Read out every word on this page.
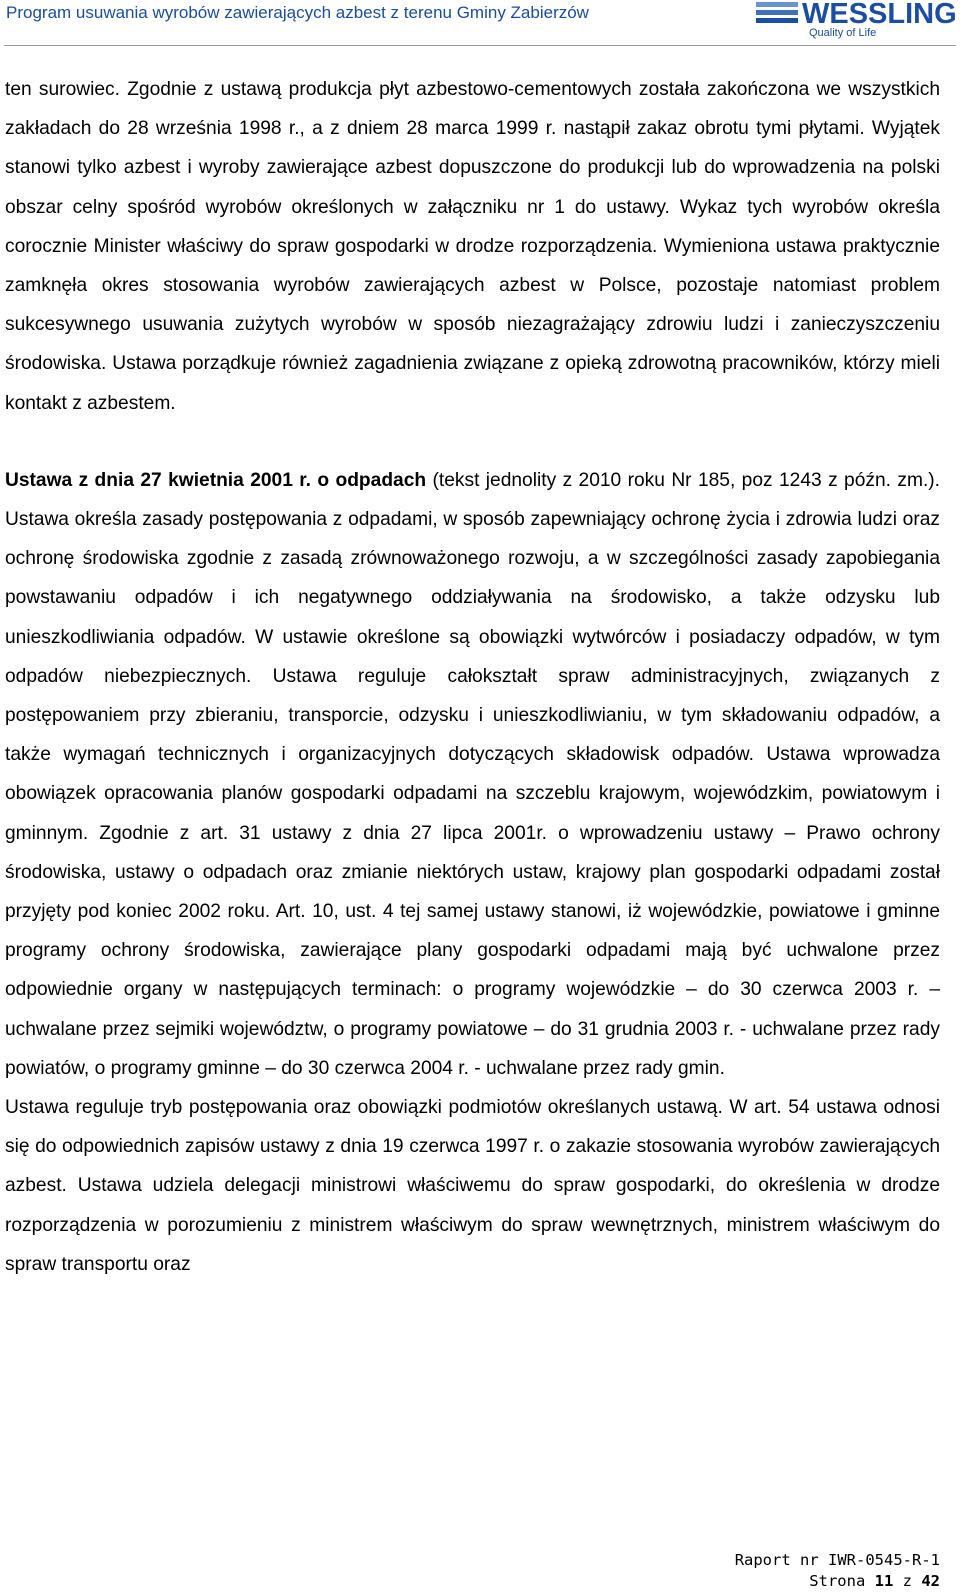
Program usuwania wyrobów zawierających azbest z terenu Gminy Zabierzów	WESSLING
Quality of Life

ten surowiec. Zgodnie z ustawą produkcja płyt azbestowo-cementowych została zakończona we wszystkich zakładach do 28 września 1998 r., a z dniem 28 marca 1999 r. nastąpił zakaz obrotu tymi płytami. Wyjątek stanowi tylko azbest i wyroby zawierające azbest dopuszczone do produkcji lub do wprowadzenia na polski obszar celny spośród wyrobów określonych w załączniku nr 1 do ustawy. Wykaz tych wyrobów określa corocznie Minister właściwy do spraw gospodarki w drodze rozporządzenia. Wymieniona ustawa praktycznie zamknęła okres stosowania wyrobów zawierających azbest w Polsce, pozostaje natomiast problem sukcesywnego usuwania zużytych wyrobów w sposób niezagrażający zdrowiu ludzi i zanieczyszczeniu środowiska. Ustawa porządkuje również zagadnienia związane z opieką zdrowotną pracowników, którzy mieli kontakt z azbestem.

Ustawa z dnia 27 kwietnia 2001 r. o odpadach (tekst jednolity z 2010 roku Nr 185, poz 1243 z późn. zm.). Ustawa określa zasady postępowania z odpadami, w sposób zapewniający ochronę życia i zdrowia ludzi oraz ochronę środowiska zgodnie z zasadą zrównoważonego rozwoju, a w szczególności zasady zapobiegania powstawaniu odpadów i ich negatywnego oddziaływania na środowisko, a także odzysku lub unieszkodliwiania odpadów. W ustawie określone są obowiązki wytwórców i posiadaczy odpadów, w tym odpadów niebezpiecznych. Ustawa reguluje całokształt spraw administracyjnych, związanych z postępowaniem przy zbieraniu, transporcie, odzysku i unieszkodliwianiu, w tym składowaniu odpadów, a także wymagań technicznych i organizacyjnych dotyczących składowisk odpadów. Ustawa wprowadza obowiązek opracowania planów gospodarki odpadami na szczeblu krajowym, wojewódzkim, powiatowym i gminnym. Zgodnie z art. 31 ustawy z dnia 27 lipca 2001r. o wprowadzeniu ustawy – Prawo ochrony środowiska, ustawy o odpadach oraz zmianie niektórych ustaw, krajowy plan gospodarki odpadami został przyjęty pod koniec 2002 roku. Art. 10, ust. 4 tej samej ustawy stanowi, iż wojewódzkie, powiatowe i gminne programy ochrony środowiska, zawierające plany gospodarki odpadami mają być uchwalone przez odpowiednie organy w następujących terminach: o programy wojewódzkie – do 30 czerwca 2003 r. – uchwalane przez sejmiki województw, o programy powiatowe – do 31 grudnia 2003 r. - uchwalane przez rady powiatów, o programy gminne – do 30 czerwca 2004 r. - uchwalane przez rady gmin.

Ustawa reguluje tryb postępowania oraz obowiązki podmiotów określanych ustawą. W art. 54 ustawa odnosi się do odpowiednich zapisów ustawy z dnia 19 czerwca 1997 r. o zakazie stosowania wyrobów zawierających azbest. Ustawa udziela delegacji ministrowi właściwemu do spraw gospodarki, do określenia w drodze rozporządzenia w porozumieniu z ministrem właściwym do spraw wewnętrznych, ministrem właściwym do spraw transportu oraz

Raport nr IWR-0545-R-1
Strona 11 z 42
